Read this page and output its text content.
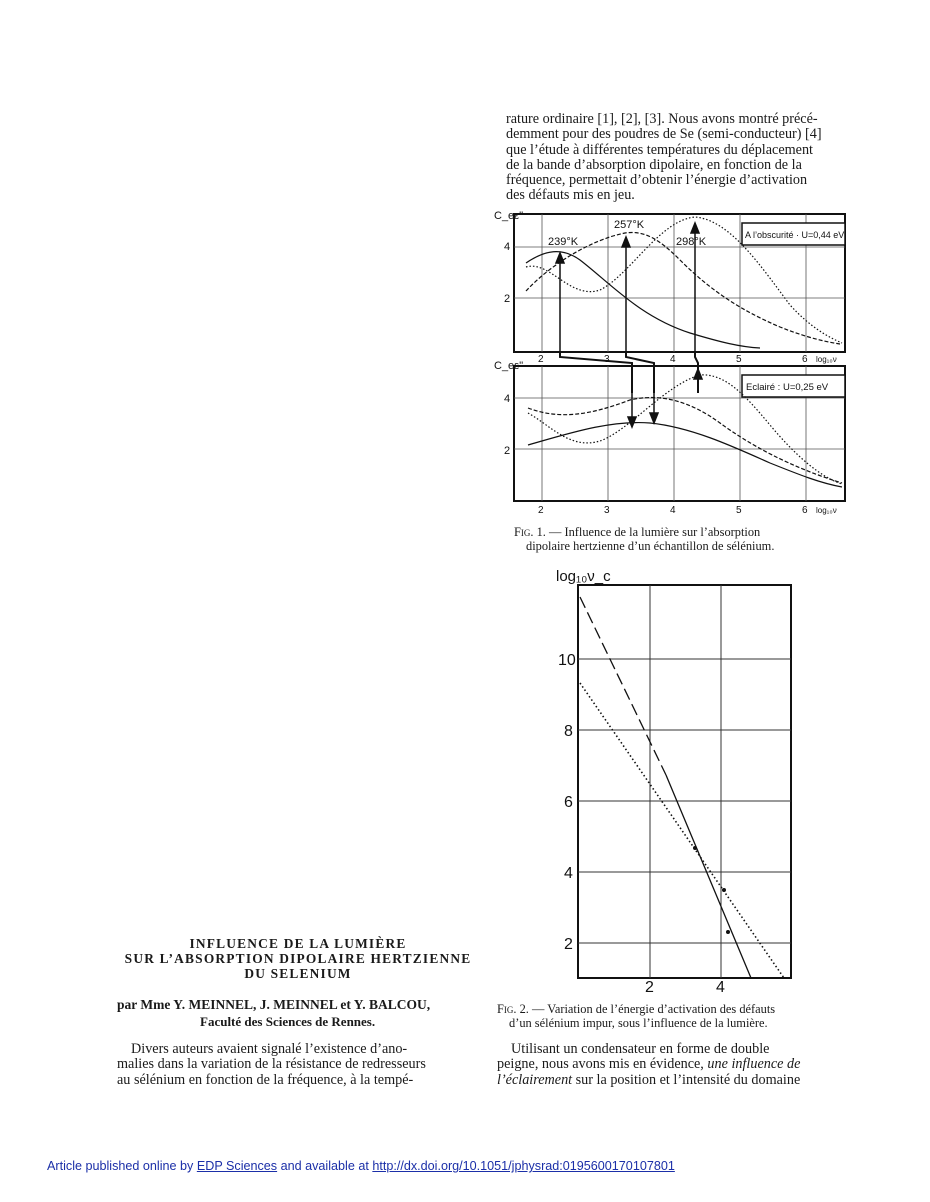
rature ordinaire [1], [2], [3]. Nous avons montré précé-
demment pour des poudres de Se (semi-conducteur) [4]
que l’étude à différentes températures du déplacement
de la bande d’absorption dipolaire, en fonction de la
fréquence, permettait d’obtenir l’énergie d’activation
des défauts mis en jeu.
C_eε''
4
2
239°K
257°K
298°K
A l’obscurité · U=0,44 eV
2	3	4	5	6 log₁₀ν
C_eε''
4
2
Eclairé : U=0,25 eV
2	3	4	5	6 log₁₀ν
Fig. 1. — Influence de la lumière sur l’absorption
dipolaire hertzienne d’un échantillon de sélénium.
log₁₀ν_c
10
8
6
4
2
2	4
Fig. 2. — Variation de l’énergie d’activation des défauts
d’un sélénium impur, sous l’influence de la lumière.
INFLUENCE DE LA LUMIÈRE
SUR L’ABSORPTION DIPOLAIRE HERTZIENNE
DU SELENIUM
par Mme Y. MEINNEL, J. MEINNEL et Y. BALCOU,
Faculté des Sciences de Rennes.
Divers auteurs avaient signalé l’existence d’ano-
malies dans la variation de la résistance de redresseurs
au sélénium en fonction de la fréquence, à la tempé-
Utilisant un condensateur en forme de double
peigne, nous avons mis en évidence, une influence de
l’éclairement sur la position et l’intensité du domaine
Article published online by EDP Sciences and available at http://dx.doi.org/10.1051/jphysrad:0195600170107801
